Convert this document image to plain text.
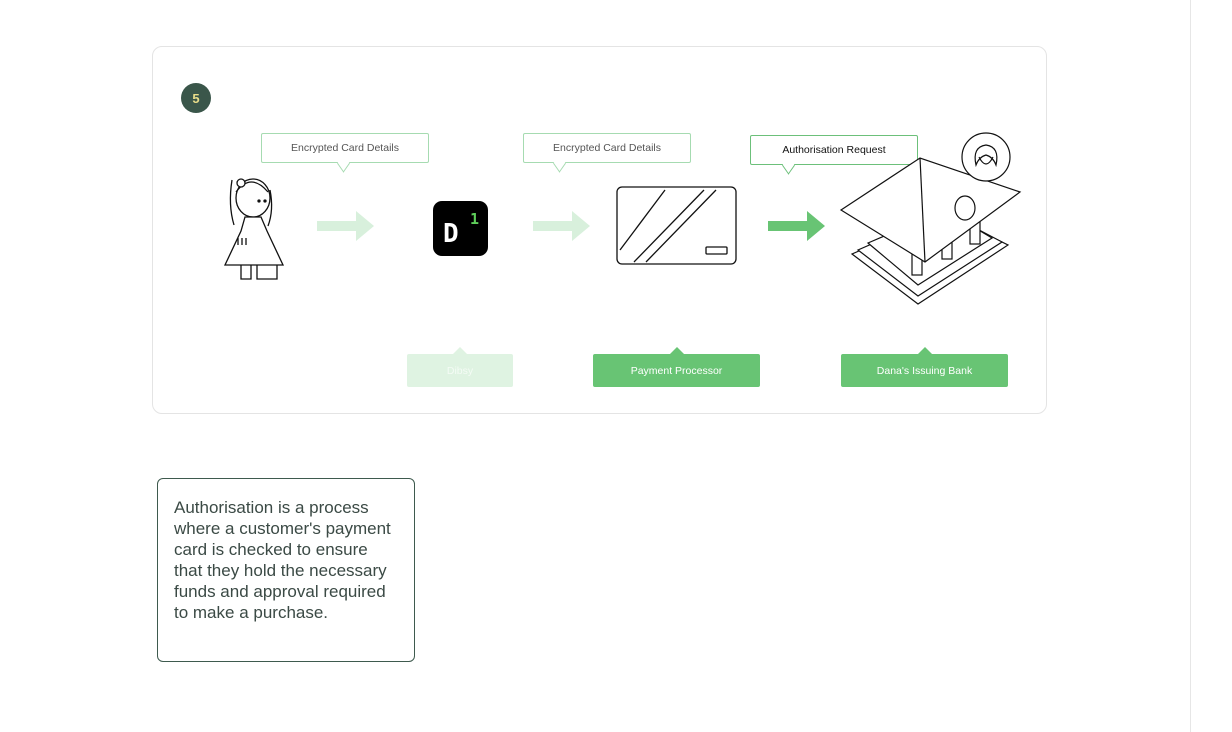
5
Encrypted Card Details	Encrypted Card Details	Authorisation Request
D 1
Dibsy	Payment Processor	Dana's Issuing Bank
Authorisation is a process where a customer's payment card is checked to ensure that they hold the necessary funds and approval required to make a purchase.
